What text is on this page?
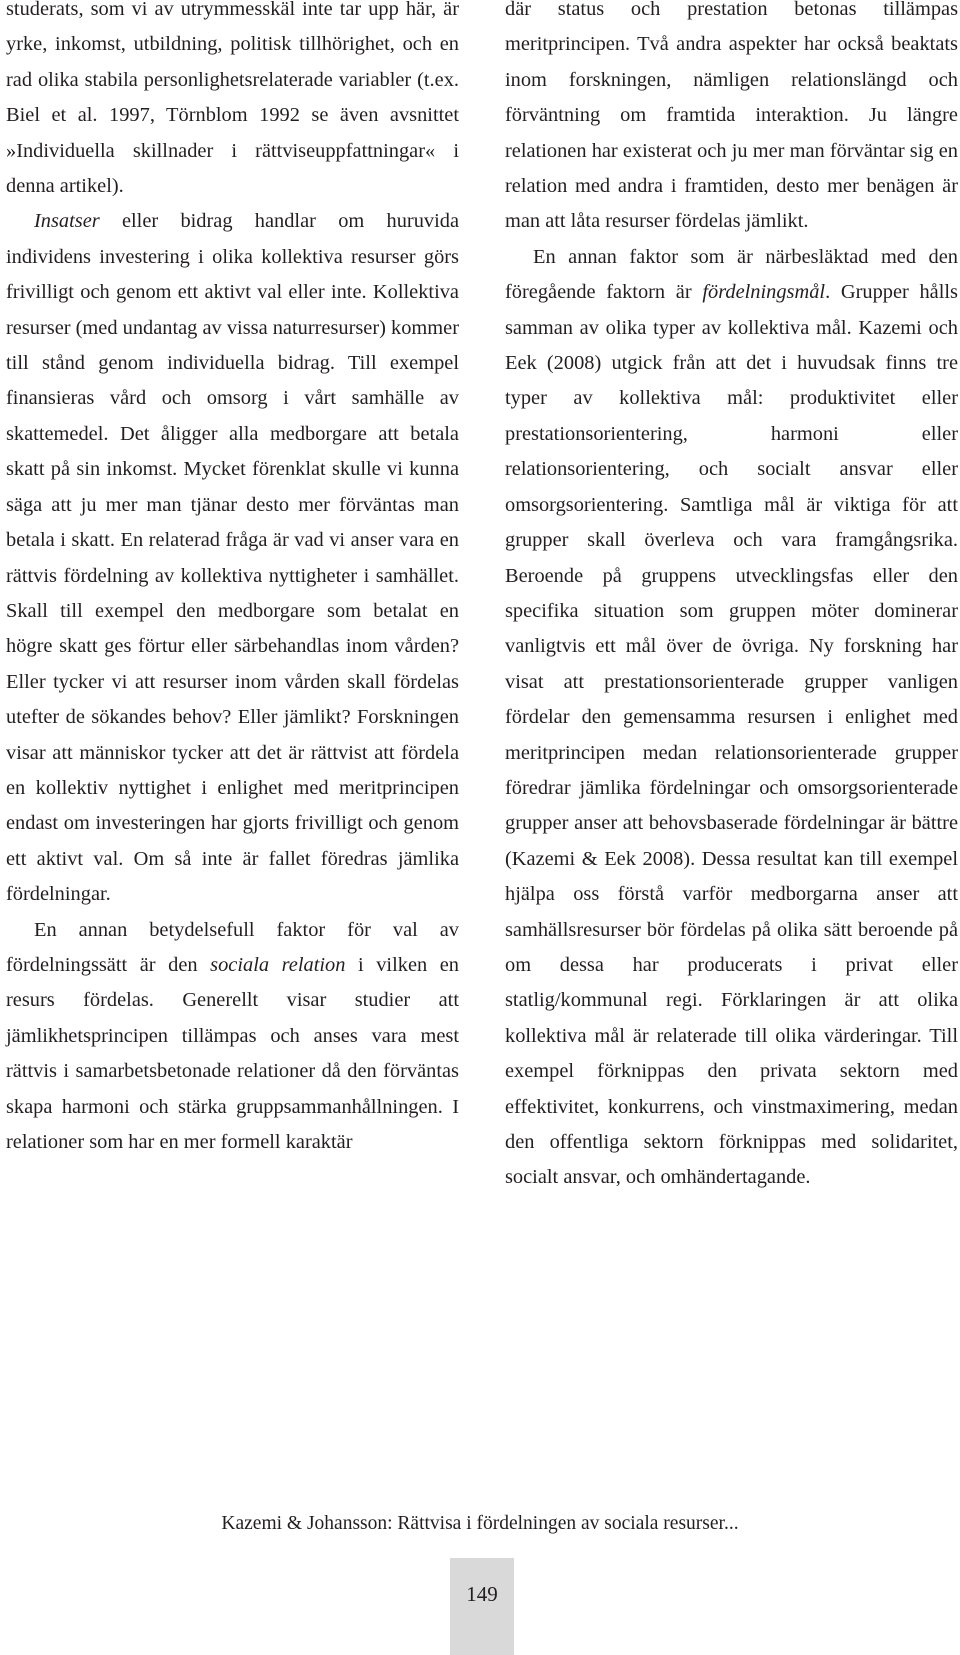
studerats, som vi av utrymmesskäl inte tar upp här, är yrke, inkomst, utbildning, politisk tillhörighet, och en rad olika stabila personlighetsrelaterade variabler (t.ex. Biel et al. 1997, Törnblom 1992 se även avsnittet »Individuella skillnader i rättviseuppfattningar« i denna artikel).

Insatser eller bidrag handlar om huruvida individens investering i olika kollektiva resurser görs frivilligt och genom ett aktivt val eller inte. Kollektiva resurser (med undantag av vissa naturresurser) kommer till stånd genom individuella bidrag. Till exempel finansieras vård och omsorg i vårt samhälle av skattemedel. Det åligger alla medborgare att betala skatt på sin inkomst. Mycket förenklat skulle vi kunna säga att ju mer man tjänar desto mer förväntas man betala i skatt. En relaterad fråga är vad vi anser vara en rättvis fördelning av kollektiva nyttigheter i samhället. Skall till exempel den medborgare som betalat en högre skatt ges förtur eller särbehandlas inom vården? Eller tycker vi att resurser inom vården skall fördelas utefter de sökandes behov? Eller jämlikt? Forskningen visar att människor tycker att det är rättvist att fördela en kollektiv nyttighet i enlighet med meritprincipen endast om investeringen har gjorts frivilligt och genom ett aktivt val. Om så inte är fallet föredras jämlika fördelningar.

En annan betydelsefull faktor för val av fördelningssätt är den sociala relation i vilken en resurs fördelas. Generellt visar studier att jämlikhetsprincipen tillämpas och anses vara mest rättvis i samarbetsbetonade relationer då den förväntas skapa harmoni och stärka gruppsammanhållningen. I relationer som har en mer formell karaktär

där status och prestation betonas tillämpas meritprincipen. Två andra aspekter har också beaktats inom forskningen, nämligen relationslängd och förväntning om framtida interaktion. Ju längre relationen har existerat och ju mer man förväntar sig en relation med andra i framtiden, desto mer benägen är man att låta resurser fördelas jämlikt.

En annan faktor som är närbesläktad med den föregående faktorn är fördelningsmål. Grupper hålls samman av olika typer av kollektiva mål. Kazemi och Eek (2008) utgick från att det i huvudsak finns tre typer av kollektiva mål: produktivitet eller prestationsorientering, harmoni eller relationsorientering, och socialt ansvar eller omsorgsorientering. Samtliga mål är viktiga för att grupper skall överleva och vara framgångsrika. Beroende på gruppens utvecklingsfas eller den specifika situation som gruppen möter dominerar vanligtvis ett mål över de övriga. Ny forskning har visat att prestationsorienterade grupper vanligen fördelar den gemensamma resursen i enlighet med meritprincipen medan relationsorienterade grupper föredrar jämlika fördelningar och omsorgsorienterade grupper anser att behovsbaserade fördelningar är bättre (Kazemi & Eek 2008). Dessa resultat kan till exempel hjälpa oss förstå varför medborgarna anser att samhällsresurser bör fördelas på olika sätt beroende på om dessa har producerats i privat eller statlig/kommunal regi. Förklaringen är att olika kollektiva mål är relaterade till olika värderingar. Till exempel förknippas den privata sektorn med effektivitet, konkurrens, och vinstmaximering, medan den offentliga sektorn förknippas med solidaritet, socialt ansvar, och omhändertagande.

Kazemi & Johansson: Rättvisa i fördelningen av sociala resurser...
149
